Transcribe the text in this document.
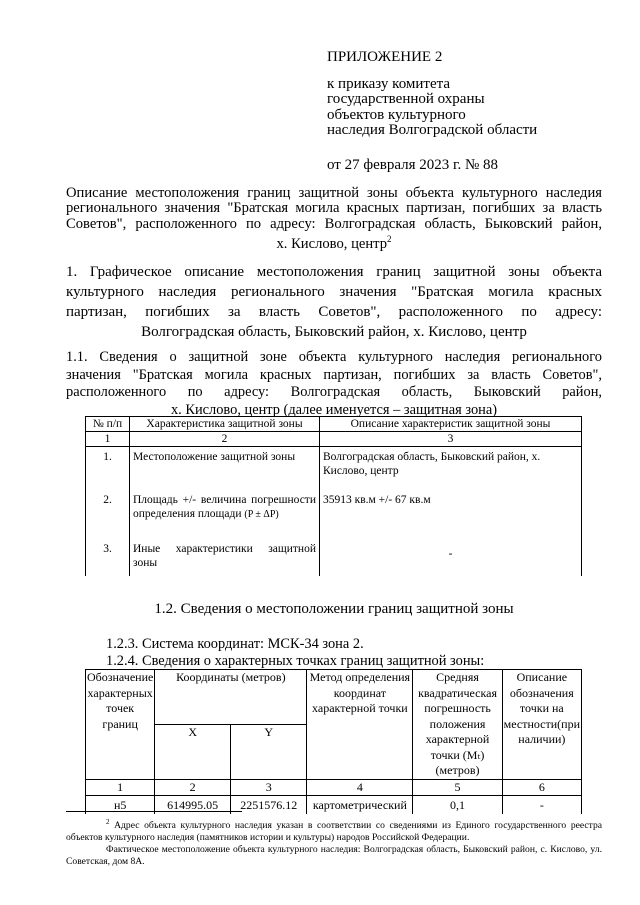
ПРИЛОЖЕНИЕ 2
к приказу комитета
государственной охраны
объектов культурного
наследия Волгоградской области
от 27 февраля 2023 г. № 88
Описание местоположения границ защитной зоны объекта культурного наследия
регионального значения "Братская могила красных партизан, погибших за власть
Советов", расположенного по адресу: Волгоградская область, Быковский район,
х. Кислово, центр$^2$
1. Графическое описание местоположения границ защитной зоны объекта
культурного наследия регионального значения "Братская могила красных
партизан, погибших за власть Советов", расположенного по адресу:
Волгоградская область, Быковский район, х. Кислово, центр
1.1. Сведения о защитной зоне объекта культурного наследия регионального
значения "Братская могила красных партизан, погибших за власть Советов",
расположенного по адресу: Волгоградская область, Быковский район,
х. Кислово, центр (далее именуется – защитная зона)
№ п/п	Характеристика защитной зоны	Описание характеристик защитной зоны
1	2	3
1.	Местоположение защитной зоны	Волгоградская область, Быковский район, х. Кислово, центр
2.	Площадь +/- величина погрешности определения площади (P ± ΔP)	35913 кв.м +/- 67 кв.м
3.	Иные характеристики защитной зоны	-
1.2. Сведения о местоположении границ защитной зоны
1.2.3. Система координат: МСК-34 зона 2.
1.2.4. Сведения о характерных точках границ защитной зоны:
Обозначение характерных точек границ	Координаты (метров)		Метод определения координат характерной точки	Средняя квадратическая погрешность положения характерной точки (Mₜ) (метров)	Описание обозначения точки на местности(при наличии)
	X	Y			
1	2	3	4	5	6
н5	614995.05	2251576.12	картометрический	0,1	-

$^2$ Адрес объекта культурного наследия указан в соответствии со сведениями из Единого государственного реестра объектов культурного наследия (памятников истории и культуры) народов Российской Федерации.

Фактическое местоположение объекта культурного наследия: Волгоградская область, Быковский район, с. Кислово, ул. Советская, дом 8А.
